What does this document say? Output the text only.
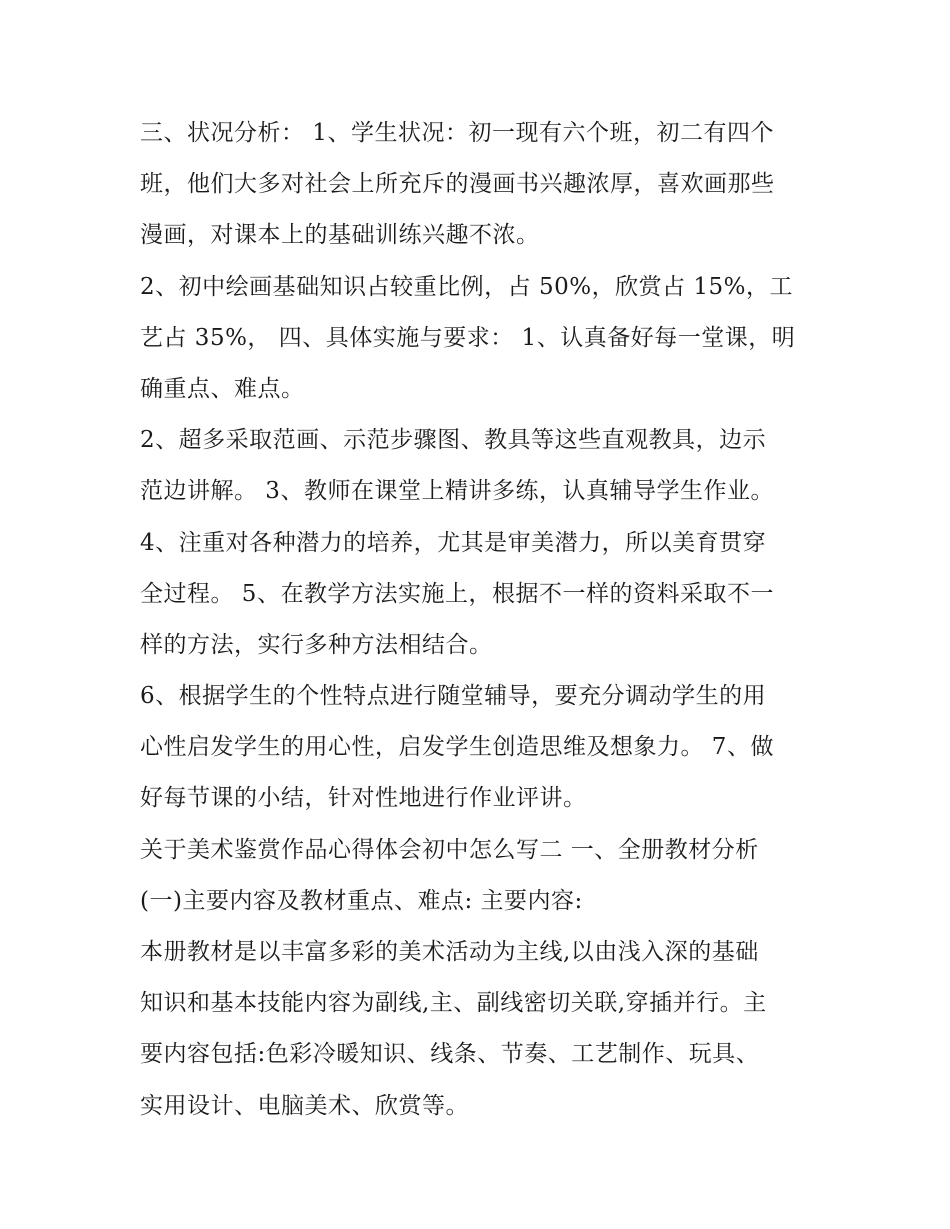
三、状况分析： 1、学生状况：初一现有六个班，初二有四个
班，他们大多对社会上所充斥的漫画书兴趣浓厚，喜欢画那些
漫画，对课本上的基础训练兴趣不浓。
2、初中绘画基础知识占较重比例，占 50%，欣赏占 15%，工
艺占 35%， 四、具体实施与要求： 1、认真备好每一堂课，明
确重点、难点。
2、超多采取范画、示范步骤图、教具等这些直观教具，边示
范边讲解。 3、教师在课堂上精讲多练，认真辅导学生作业。
4、注重对各种潜力的培养，尤其是审美潜力，所以美育贯穿
全过程。 5、在教学方法实施上，根据不一样的资料采取不一
样的方法，实行多种方法相结合。
6、根据学生的个性特点进行随堂辅导，要充分调动学生的用
心性启发学生的用心性，启发学生创造思维及想象力。 7、做
好每节课的小结，针对性地进行作业评讲。
关于美术鉴赏作品心得体会初中怎么写二 一、全册教材分析
(一)主要内容及教材重点、难点: 主要内容:
本册教材是以丰富多彩的美术活动为主线,以由浅入深的基础
知识和基本技能内容为副线,主、副线密切关联,穿插并行。主
要内容包括:色彩冷暖知识、线条、节奏、工艺制作、玩具、
实用设计、电脑美术、欣赏等。
